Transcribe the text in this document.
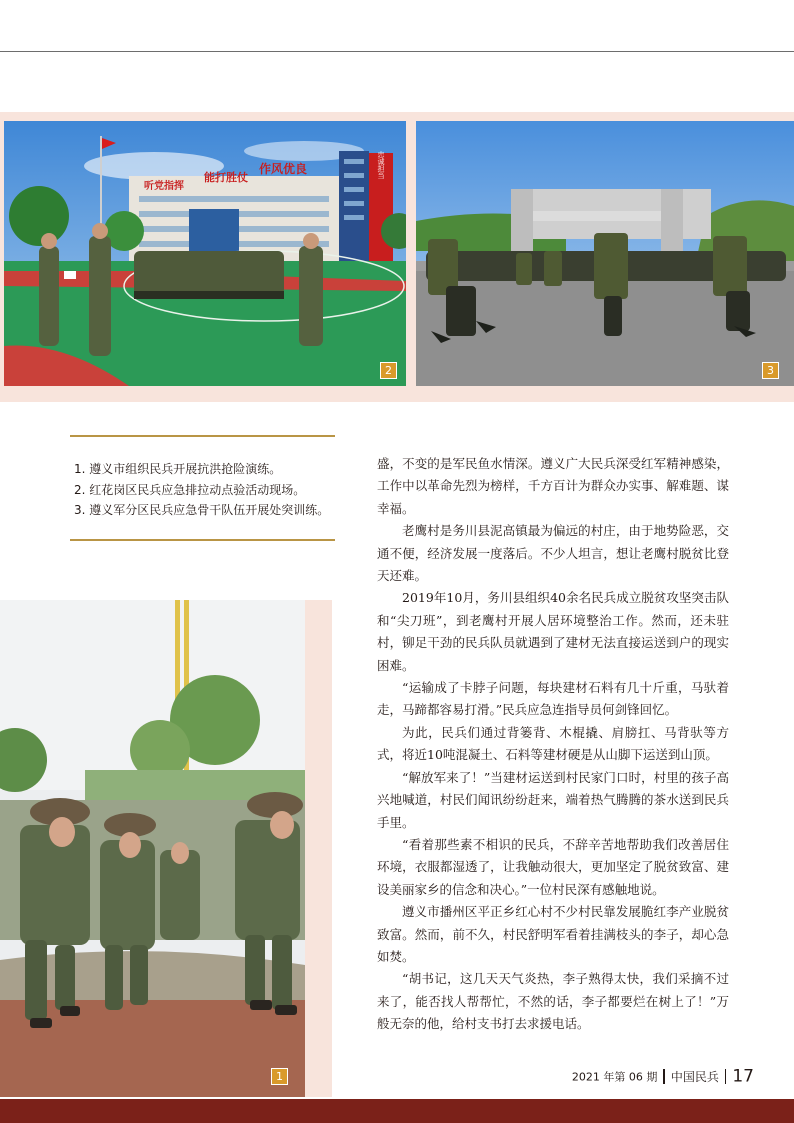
忠诚担当
听党指挥
能打胜仗
作风优良
2	3
1. 遵义市组织民兵开展抗洪抢险演练。
2. 红花岗区民兵应急排拉动点验活动现场。
3. 遵义军分区民兵应急骨干队伍开展处突训练。
1

盛，不变的是军民鱼水情深。遵义广大民兵深受红军精神感染，工作中以革命先烈为榜样，千方百计为群众办实事、解难题、谋幸福。

老鹰村是务川县泥高镇最为偏远的村庄，由于地势险恶，交通不便，经济发展一度落后。不少人坦言，想让老鹰村脱贫比登天还难。

2019年10月，务川县组织40余名民兵成立脱贫攻坚突击队和“尖刀班”，到老鹰村开展人居环境整治工作。然而，还未驻村，铆足干劲的民兵队员就遇到了建材无法直接运送到户的现实困难。

“运输成了卡脖子问题，每块建材石料有几十斤重，马驮着走，马蹄都容易打滑。”民兵应急连指导员何剑锋回忆。

为此，民兵们通过背篓背、木棍撬、肩膀扛、马背驮等方式，将近10吨混凝土、石料等建材硬是从山脚下运送到山顶。

“解放军来了！”当建材运送到村民家门口时，村里的孩子高兴地喊道，村民们闻讯纷纷赶来，端着热气腾腾的茶水送到民兵手里。

“看着那些素不相识的民兵，不辞辛苦地帮助我们改善居住环境，衣服都湿透了，让我触动很大，更加坚定了脱贫致富、建设美丽家乡的信念和决心。”一位村民深有感触地说。

遵义市播州区平正乡红心村不少村民靠发展脆红李产业脱贫致富。然而，前不久，村民舒明军看着挂满枝头的李子，却心急如焚。

“胡书记，这几天天气炎热，李子熟得太快，我们采摘不过来了，能否找人帮帮忙，不然的话，李子都要烂在树上了！”万般无奈的他，给村支书打去求援电话。

2021 年第 06 期 中国民兵 17
